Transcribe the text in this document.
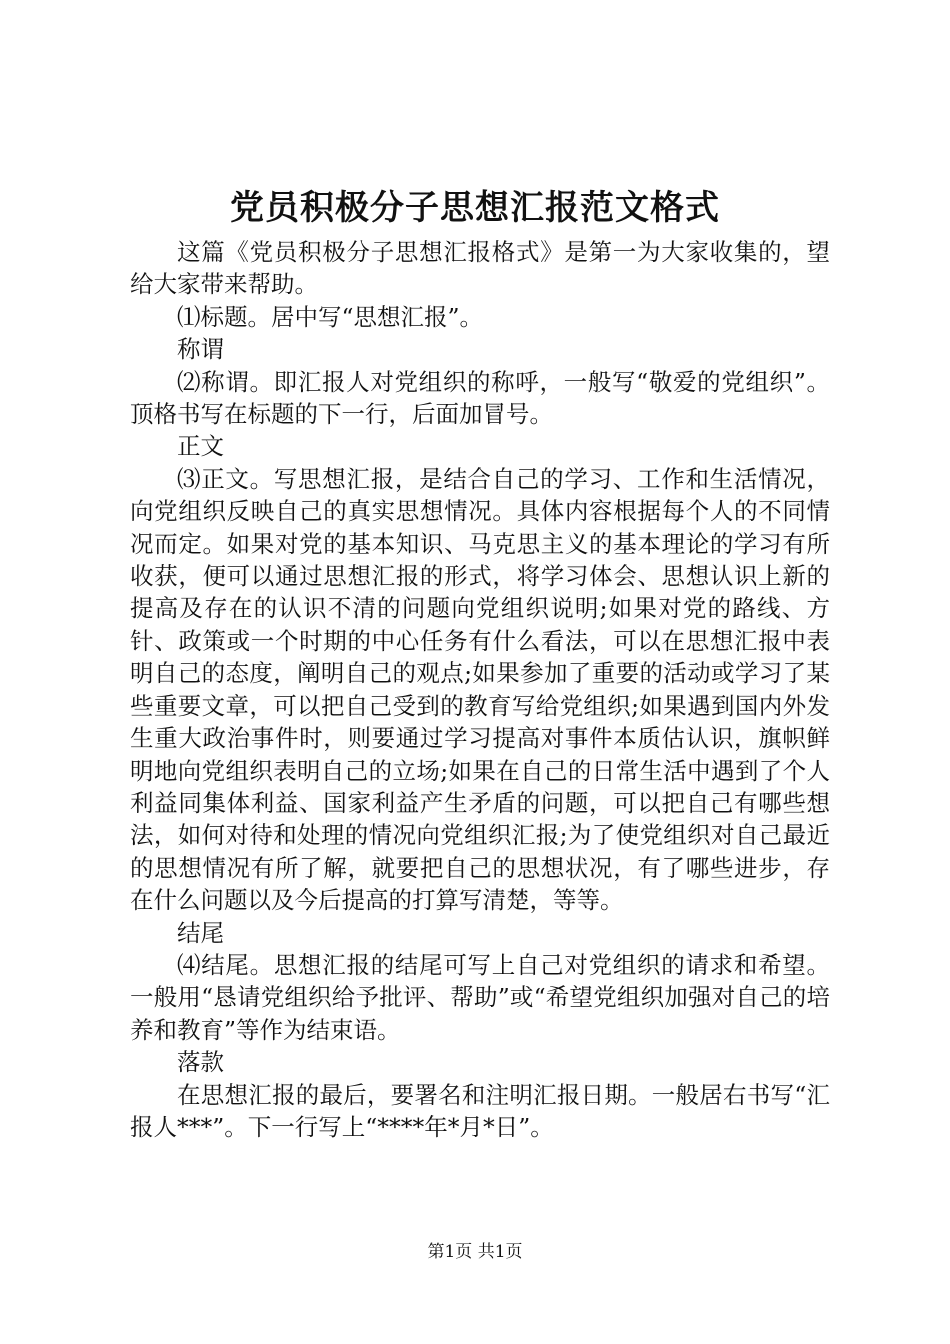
党员积极分子思想汇报范文格式

这篇《党员积极分子思想汇报格式》是第一为大家收集的，望给大家带来帮助。

⑴标题。居中写“思想汇报”。

称谓

⑵称谓。即汇报人对党组织的称呼，一般写“敬爱的党组织”。顶格书写在标题的下一行，后面加冒号。

正文

⑶正文。写思想汇报，是结合自己的学习、工作和生活情况，向党组织反映自己的真实思想情况。具体内容根据每个人的不同情况而定。如果对党的基本知识、马克思主义的基本理论的学习有所收获，便可以通过思想汇报的形式，将学习体会、思想认识上新的提高及存在的认识不清的问题向党组织说明;如果对党的路线、方针、政策或一个时期的中心任务有什么看法，可以在思想汇报中表明自己的态度，阐明自己的观点;如果参加了重要的活动或学习了某些重要文章，可以把自己受到的教育写给党组织;如果遇到国内外发生重大政治事件时，则要通过学习提高对事件本质估认识，旗帜鲜明地向党组织表明自己的立场;如果在自己的日常生活中遇到了个人利益同集体利益、国家利益产生矛盾的问题，可以把自己有哪些想法，如何对待和处理的情况向党组织汇报;为了使党组织对自己最近的思想情况有所了解，就要把自己的思想状况，有了哪些进步，存在什么问题以及今后提高的打算写清楚，等等。

结尾

⑷结尾。思想汇报的结尾可写上自己对党组织的请求和希望。一般用“恳请党组织给予批评、帮助”或“希望党组织加强对自己的培养和教育”等作为结束语。

落款

在思想汇报的最后，要署名和注明汇报日期。一般居右书写“汇报人***”。下一行写上“****年*月*日”。

第1页 共1页
